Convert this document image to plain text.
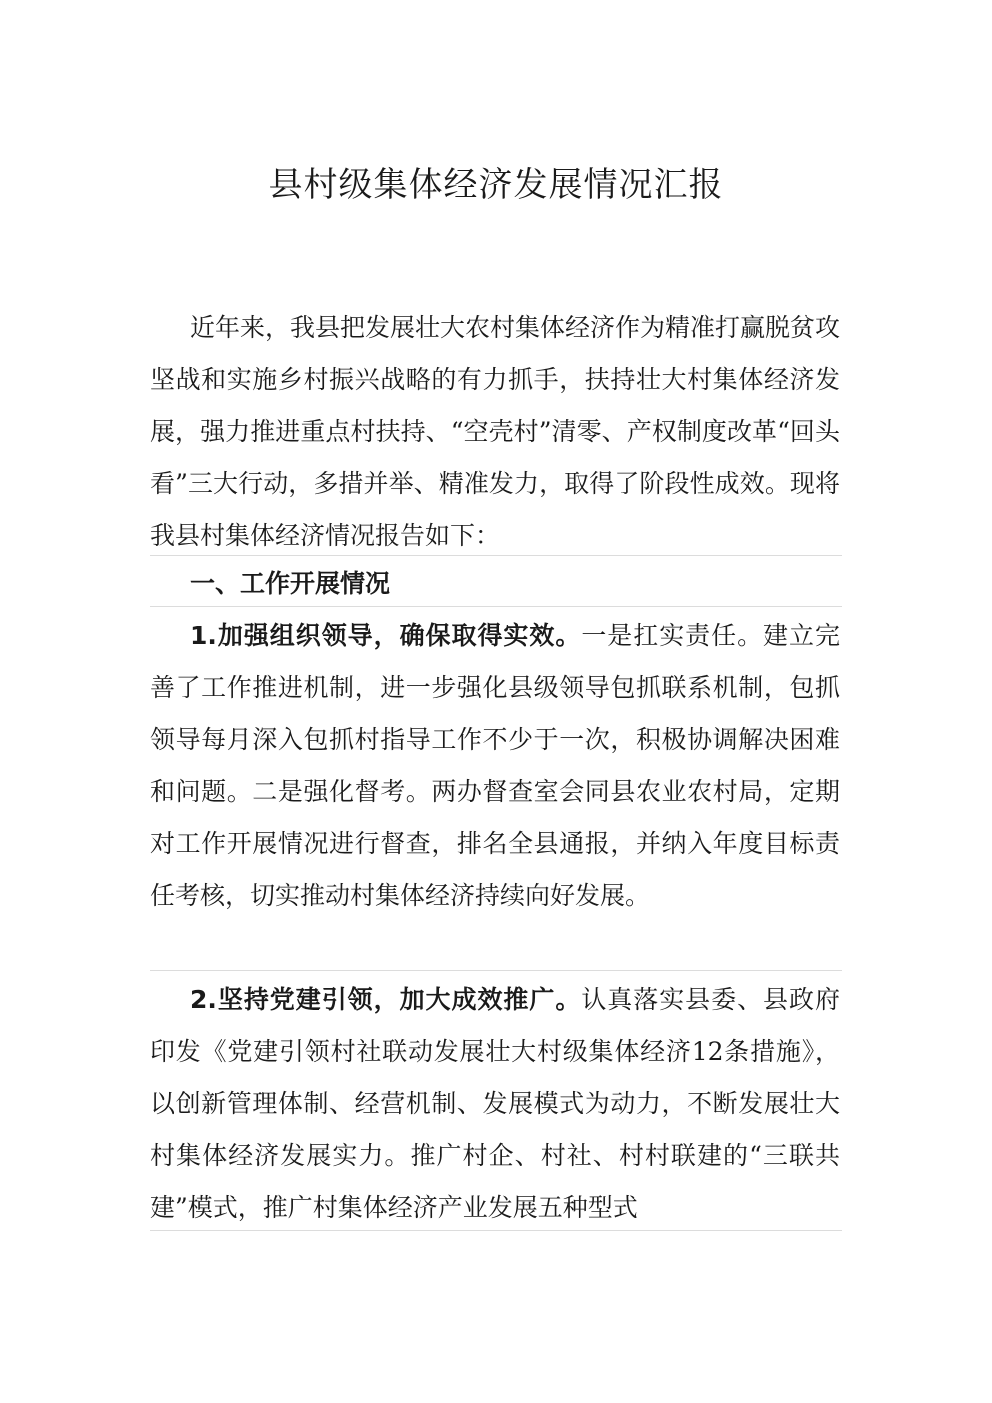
县村级集体经济发展情况汇报

近年来，我县把发展壮大农村集体经济作为精准打赢脱贫攻坚战和实施乡村振兴战略的有力抓手，扶持壮大村集体经济发展，强力推进重点村扶持、“空壳村”清零、产权制度改革“回头看”三大行动，多措并举、精准发力，取得了阶段性成效。现将我县村集体经济情况报告如下：

一、工作开展情况

1.加强组织领导，确保取得实效。一是扛实责任。建立完善了工作推进机制，进一步强化县级领导包抓联系机制，包抓领导每月深入包抓村指导工作不少于一次，积极协调解决困难和问题。二是强化督考。两办督查室会同县农业农村局，定期对工作开展情况进行督查，排名全县通报，并纳入年度目标责任考核，切实推动村集体经济持续向好发展。

2.坚持党建引领，加大成效推广。认真落实县委、县政府印发《党建引领村社联动发展壮大村级集体经济12条措施》，以创新管理体制、经营机制、发展模式为动力，不断发展壮大村集体经济发展实力。推广村企、村社、村村联建的“三联共建”模式，推广村集体经济产业发展五种型式
